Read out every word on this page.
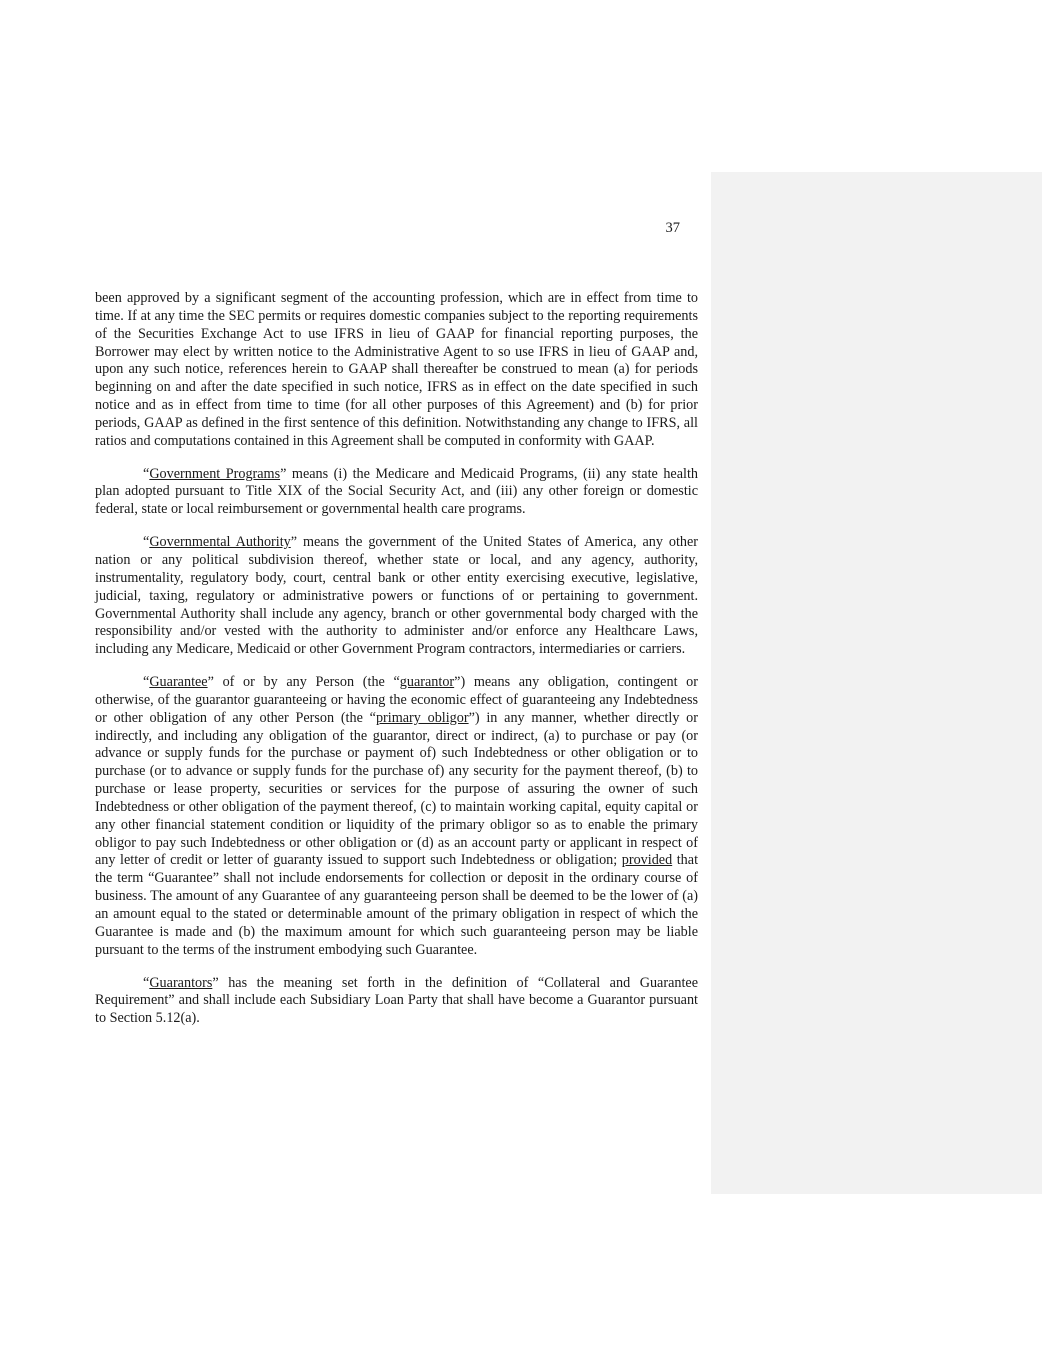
37

been approved by a significant segment of the accounting profession, which are in effect from time to time. If at any time the SEC permits or requires domestic companies subject to the reporting requirements of the Securities Exchange Act to use IFRS in lieu of GAAP for financial reporting purposes, the Borrower may elect by written notice to the Administrative Agent to so use IFRS in lieu of GAAP and, upon any such notice, references herein to GAAP shall thereafter be construed to mean (a) for periods beginning on and after the date specified in such notice, IFRS as in effect on the date specified in such notice and as in effect from time to time (for all other purposes of this Agreement) and (b) for prior periods, GAAP as defined in the first sentence of this definition. Notwithstanding any change to IFRS, all ratios and computations contained in this Agreement shall be computed in conformity with GAAP.

“Government Programs” means (i) the Medicare and Medicaid Programs, (ii) any state health plan adopted pursuant to Title XIX of the Social Security Act, and (iii) any other foreign or domestic federal, state or local reimbursement or governmental health care programs.

“Governmental Authority” means the government of the United States of America, any other nation or any political subdivision thereof, whether state or local, and any agency, authority, instrumentality, regulatory body, court, central bank or other entity exercising executive, legislative, judicial, taxing, regulatory or administrative powers or functions of or pertaining to government. Governmental Authority shall include any agency, branch or other governmental body charged with the responsibility and/or vested with the authority to administer and/or enforce any Healthcare Laws, including any Medicare, Medicaid or other Government Program contractors, intermediaries or carriers.

“Guarantee” of or by any Person (the “guarantor”) means any obligation, contingent or otherwise, of the guarantor guaranteeing or having the economic effect of guaranteeing any Indebtedness or other obligation of any other Person (the “primary obligor”) in any manner, whether directly or indirectly, and including any obligation of the guarantor, direct or indirect, (a) to purchase or pay (or advance or supply funds for the purchase or payment of) such Indebtedness or other obligation or to purchase (or to advance or supply funds for the purchase of) any security for the payment thereof, (b) to purchase or lease property, securities or services for the purpose of assuring the owner of such Indebtedness or other obligation of the payment thereof, (c) to maintain working capital, equity capital or any other financial statement condition or liquidity of the primary obligor so as to enable the primary obligor to pay such Indebtedness or other obligation or (d) as an account party or applicant in respect of any letter of credit or letter of guaranty issued to support such Indebtedness or obligation; provided that the term “Guarantee” shall not include endorsements for collection or deposit in the ordinary course of business. The amount of any Guarantee of any guaranteeing person shall be deemed to be the lower of (a) an amount equal to the stated or determinable amount of the primary obligation in respect of which the Guarantee is made and (b) the maximum amount for which such guaranteeing person may be liable pursuant to the terms of the instrument embodying such Guarantee.

“Guarantors” has the meaning set forth in the definition of “Collateral and Guarantee Requirement” and shall include each Subsidiary Loan Party that shall have become a Guarantor pursuant to Section 5.12(a).
